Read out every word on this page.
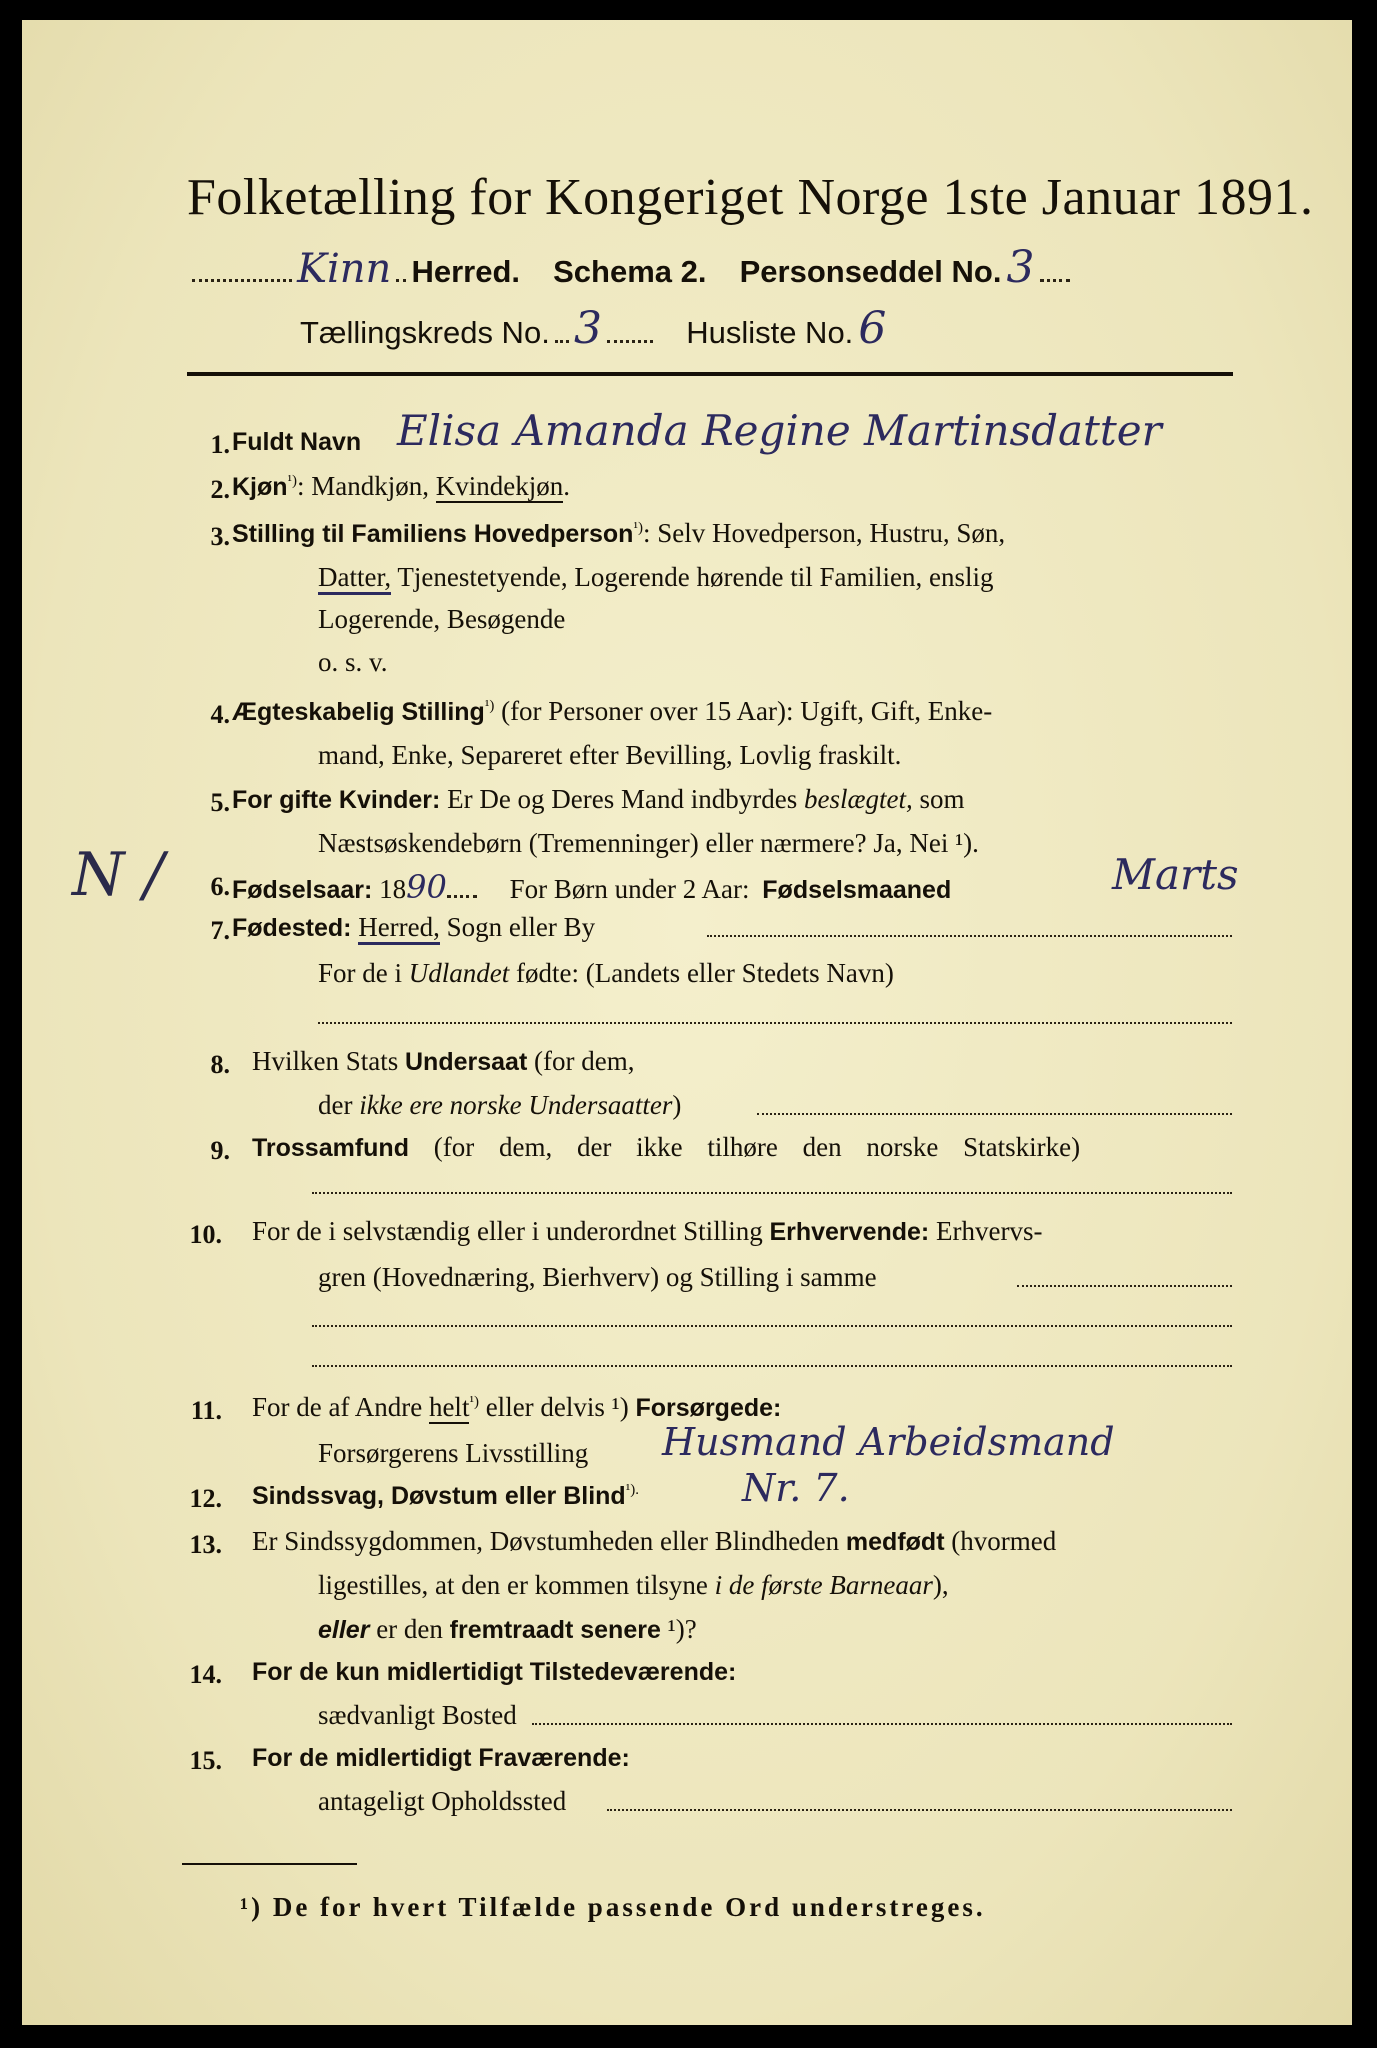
Folketælling for Kongeriget Norge 1ste Januar 1891.
Kinn Herred. Schema 2. Personseddel No. 3
Tællingskreds No. 3	Husliste No. 6
1. Fuldt Navn Elisa Amanda Regine Martinsdatter
2. Kjøn$^{^1)}$: Mandkjøn, Kvindekjøn.
3. Stilling til Familiens Hovedperson$^{^1)}$: Selv Hovedperson, Hustru, Søn,
Datter, Tjenestetyende, Logerende hørende til Familien, enslig
Logerende, Besøgende
o. s. v.
4. Ægteskabelig Stilling$^{^1)}$ (for Personer over 15 Aar): Ugift, Gift, Enke-
mand, Enke, Separeret efter Bevilling, Lovlig fraskilt.
5. For gifte Kvinder: Er De og Deres Mand indbyrdes beslægtet, som
Næstsøskendebørn (Tremenninger) eller nærmere? Ja, Nei ¹).
N /	6. Fødselsaar: 1890 For Børn under 2 Aar: Fødselsmaaned	Marts
7. Fødested: Herred, Sogn eller By
For de i Udlandet fødte: (Landets eller Stedets Navn)
8. Hvilken Stats Undersaat (for dem,
der ikke ere norske Undersaatter)
9. Trossamfund (for dem, der ikke tilhøre den norske Statskirke)
10. For de i selvstændig eller i underordnet Stilling Erhvervende: Erhvervs-
gren (Hovednæring, Bierhverv) og Stilling i samme
11. For de af Andre helt$^{^1)}$ eller delvis ¹) Forsørgede:
Forsørgerens Livsstilling Husmand Arbeidsmand
12. Sindssvag, Døvstum eller Blind$^{^1).}$	Nr. 7.
13. Er Sindssygdommen, Døvstumheden eller Blindheden medfødt (hvormed
ligestilles, at den er kommen tilsyne i de første Barneaar),
eller er den fremtraadt senere ¹)?
14. For de kun midlertidigt Tilstedeværende:
sædvanligt Bosted
15. For de midlertidigt Fraværende:
antageligt Opholdssted
¹) De for hvert Tilfælde passende Ord understreges.
